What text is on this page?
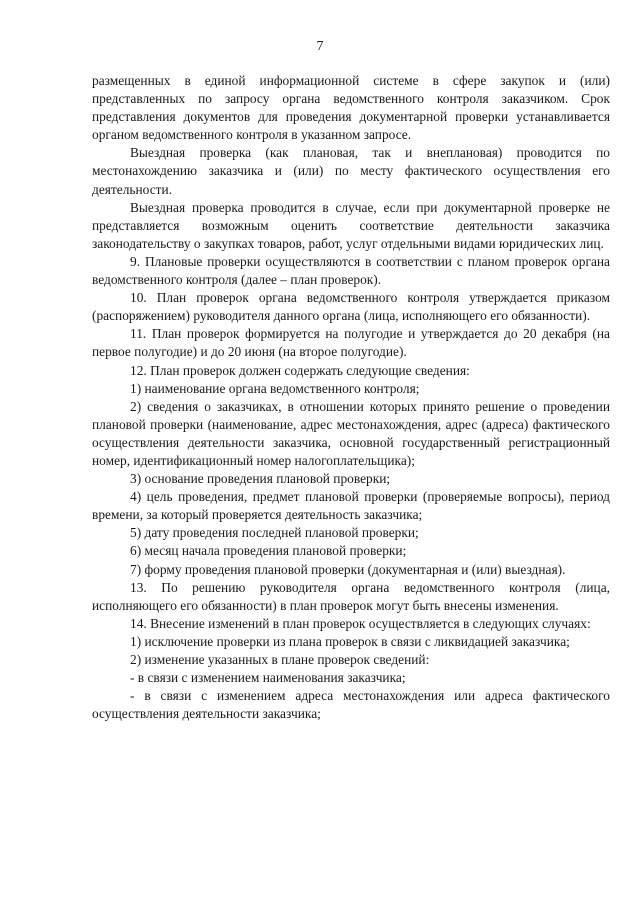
7

размещенных в единой информационной системе в сфере закупок и (или) представленных по запросу органа ведомственного контроля заказчиком. Срок представления документов для проведения документарной проверки устанавливается органом ведомственного контроля в указанном запросе.

Выездная проверка (как плановая, так и внеплановая) проводится по местонахождению заказчика и (или) по месту фактического осуществления его деятельности.

Выездная проверка проводится в случае, если при документарной проверке не представляется возможным оценить соответствие деятельности заказчика законодательству о закупках товаров, работ, услуг отдельными видами юридических лиц.

9. Плановые проверки осуществляются в соответствии с планом проверок органа ведомственного контроля (далее – план проверок).

10. План проверок органа ведомственного контроля утверждается приказом (распоряжением) руководителя данного органа (лица, исполняющего его обязанности).

11. План проверок формируется на полугодие и утверждается до 20 декабря (на первое полугодие) и до 20 июня (на второе полугодие).

12. План проверок должен содержать следующие сведения:

1) наименование органа ведомственного контроля;

2) сведения о заказчиках, в отношении которых принято решение о проведении плановой проверки (наименование, адрес местонахождения, адрес (адреса) фактического осуществления деятельности заказчика, основной государственный регистрационный номер, идентификационный номер налогоплательщика);

3) основание проведения плановой проверки;

4) цель проведения, предмет плановой проверки (проверяемые вопросы), период времени, за который проверяется деятельность заказчика;

5) дату проведения последней плановой проверки;

6) месяц начала проведения плановой проверки;

7) форму проведения плановой проверки (документарная и (или) выездная).

13. По решению руководителя органа ведомственного контроля (лица, исполняющего его обязанности) в план проверок могут быть внесены изменения.

14. Внесение изменений в план проверок осуществляется в следующих случаях:

1) исключение проверки из плана проверок в связи с ликвидацией заказчика;

2) изменение указанных в плане проверок сведений:

- в связи с изменением наименования заказчика;

- в связи с изменением адреса местонахождения или адреса фактического осуществления деятельности заказчика;
